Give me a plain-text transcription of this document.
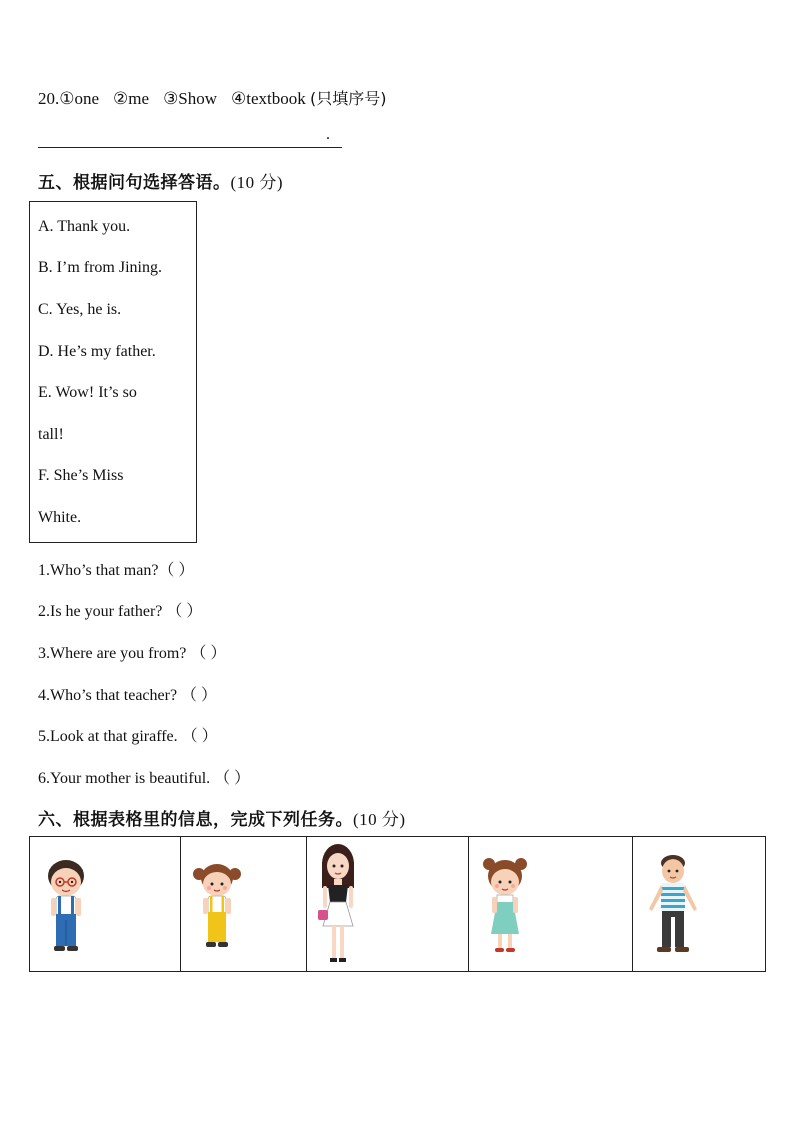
20.①one ②me ③Show ④textbook (只填序号)
.
五、根据问句选择答语。(10 分)
A. Thank you.
B. I’m from Jining.
C. Yes, he is.
D. He’s my father.
E. Wow! It’s so
tall!
F. She’s Miss
White.
1.Who’s that man?（ ）
2.Is he your father? （ ）
3.Where are you from? （ ）
4.Who’s that teacher? （ ）
5.Look at that giraffe. （ ）
6.Your mother is beautiful. （ ）
六、根据表格里的信息，完成下列任务。(10 分)
